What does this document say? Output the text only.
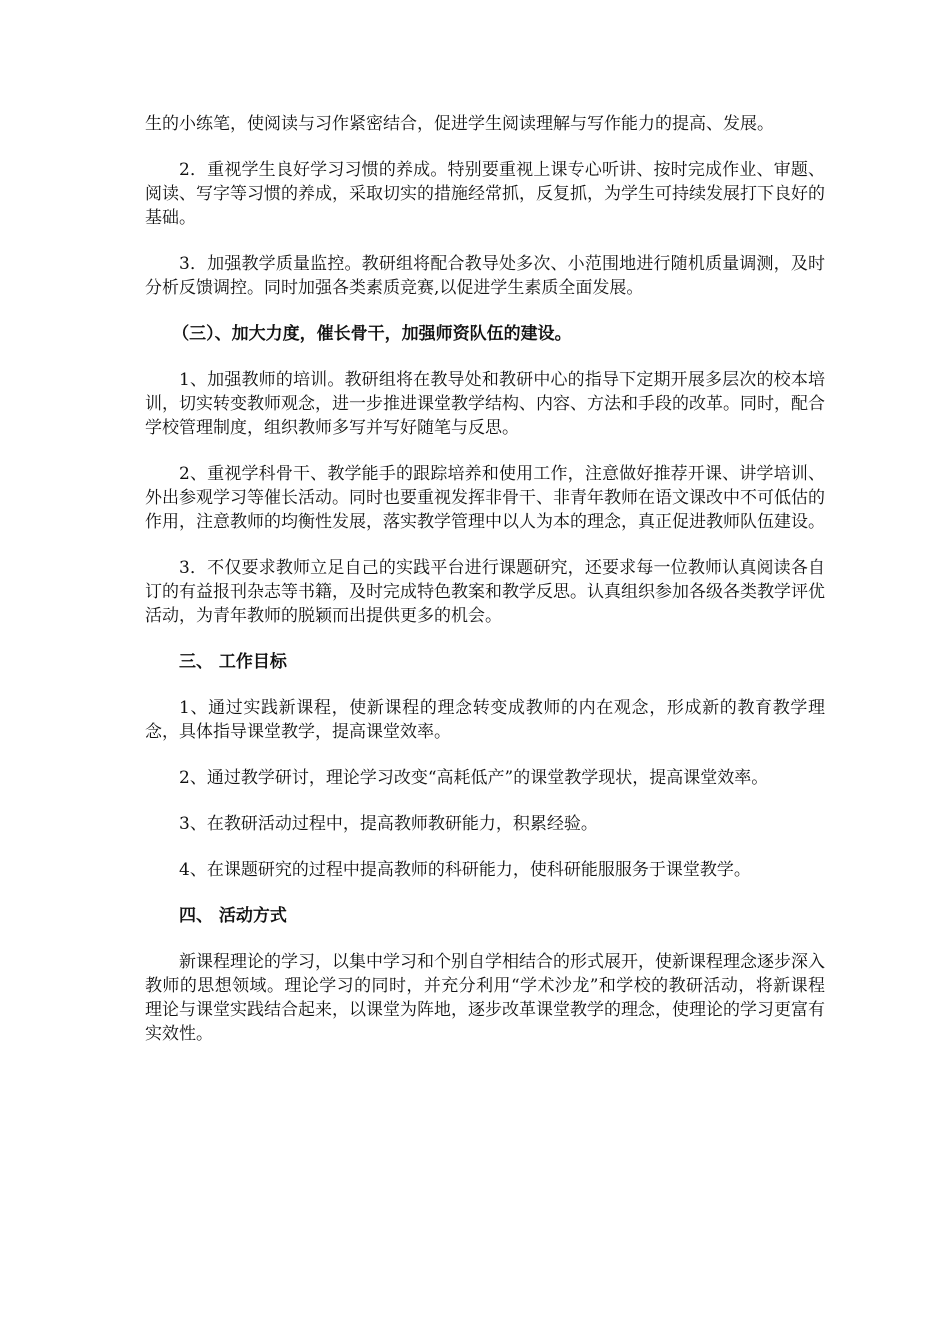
生的小练笔，使阅读与习作紧密结合，促进学生阅读理解与写作能力的提高、发展。

2．重视学生良好学习习惯的养成。特别要重视上课专心听讲、按时完成作业、审题、阅读、写字等习惯的养成，采取切实的措施经常抓，反复抓，为学生可持续发展打下良好的基础。

3．加强教学质量监控。教研组将配合教导处多次、小范围地进行随机质量调测，及时分析反馈调控。同时加强各类素质竞赛,以促进学生素质全面发展。

（三）、加大力度，催长骨干，加强师资队伍的建设。

1、加强教师的培训。教研组将在教导处和教研中心的指导下定期开展多层次的校本培训，切实转变教师观念，进一步推进课堂教学结构、内容、方法和手段的改革。同时，配合学校管理制度，组织教师多写并写好随笔与反思。

2、重视学科骨干、教学能手的跟踪培养和使用工作，注意做好推荐开课、讲学培训、外出参观学习等催长活动。同时也要重视发挥非骨干、非青年教师在语文课改中不可低估的作用，注意教师的均衡性发展，落实教学管理中以人为本的理念，真正促进教师队伍建设。

3．不仅要求教师立足自己的实践平台进行课题研究，还要求每一位教师认真阅读各自订的有益报刊杂志等书籍，及时完成特色教案和教学反思。认真组织参加各级各类教学评优活动，为青年教师的脱颖而出提供更多的机会。

三、 工作目标

1、通过实践新课程，使新课程的理念转变成教师的内在观念，形成新的教育教学理念，具体指导课堂教学，提高课堂效率。

2、通过教学研讨，理论学习改变“高耗低产”的课堂教学现状，提高课堂效率。

3、在教研活动过程中，提高教师教研能力，积累经验。

4、在课题研究的过程中提高教师的科研能力，使科研能服服务于课堂教学。

四、 活动方式

新课程理论的学习，以集中学习和个别自学相结合的形式展开，使新课程理念逐步深入教师的思想领域。理论学习的同时，并充分利用“学术沙龙”和学校的教研活动，将新课程理论与课堂实践结合起来，以课堂为阵地，逐步改革课堂教学的理念，使理论的学习更富有实效性。
